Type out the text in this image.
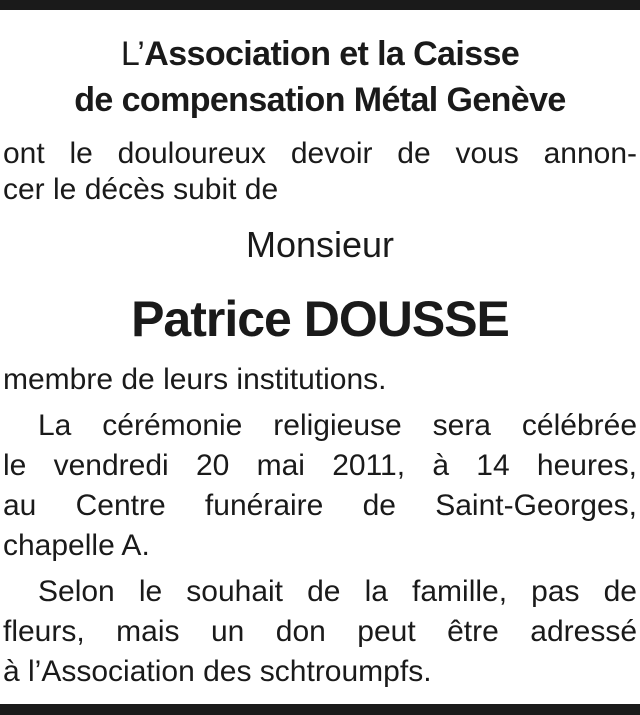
L’Association et la Caisse
de compensation Métal Genève
ont le douloureux devoir de vous annon-
cer le décès subit de
Monsieur
Patrice DOUSSE
membre de leurs institutions.
La cérémonie religieuse sera célébrée
le vendredi 20 mai 2011, à 14 heures,
au Centre funéraire de Saint-Georges,
chapelle A.
Selon le souhait de la famille, pas de
fleurs, mais un don peut être adressé
à l’Association des schtroumpfs.
